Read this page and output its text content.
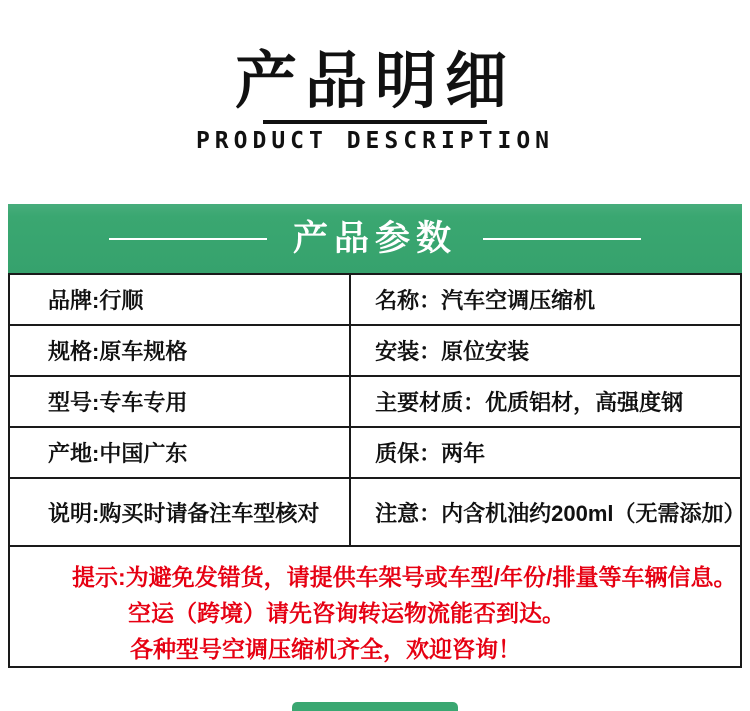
产品明细
PRODUCT DESCRIPTION
产品参数
品牌:行顺	名称：汽车空调压缩机
规格:原车规格	安装：原位安装
型号:专车专用	主要材质：优质铝材，高强度钢
产地:中国广东	质保：两年
说明:购买时请备注车型核对	注意：内含机油约200ml（无需添加）
提示:为避免发错货，请提供车架号或车型/年份/排量等车辆信息。
空运（跨境）请先咨询转运物流能否到达。
各种型号空调压缩机齐全，欢迎咨询！
